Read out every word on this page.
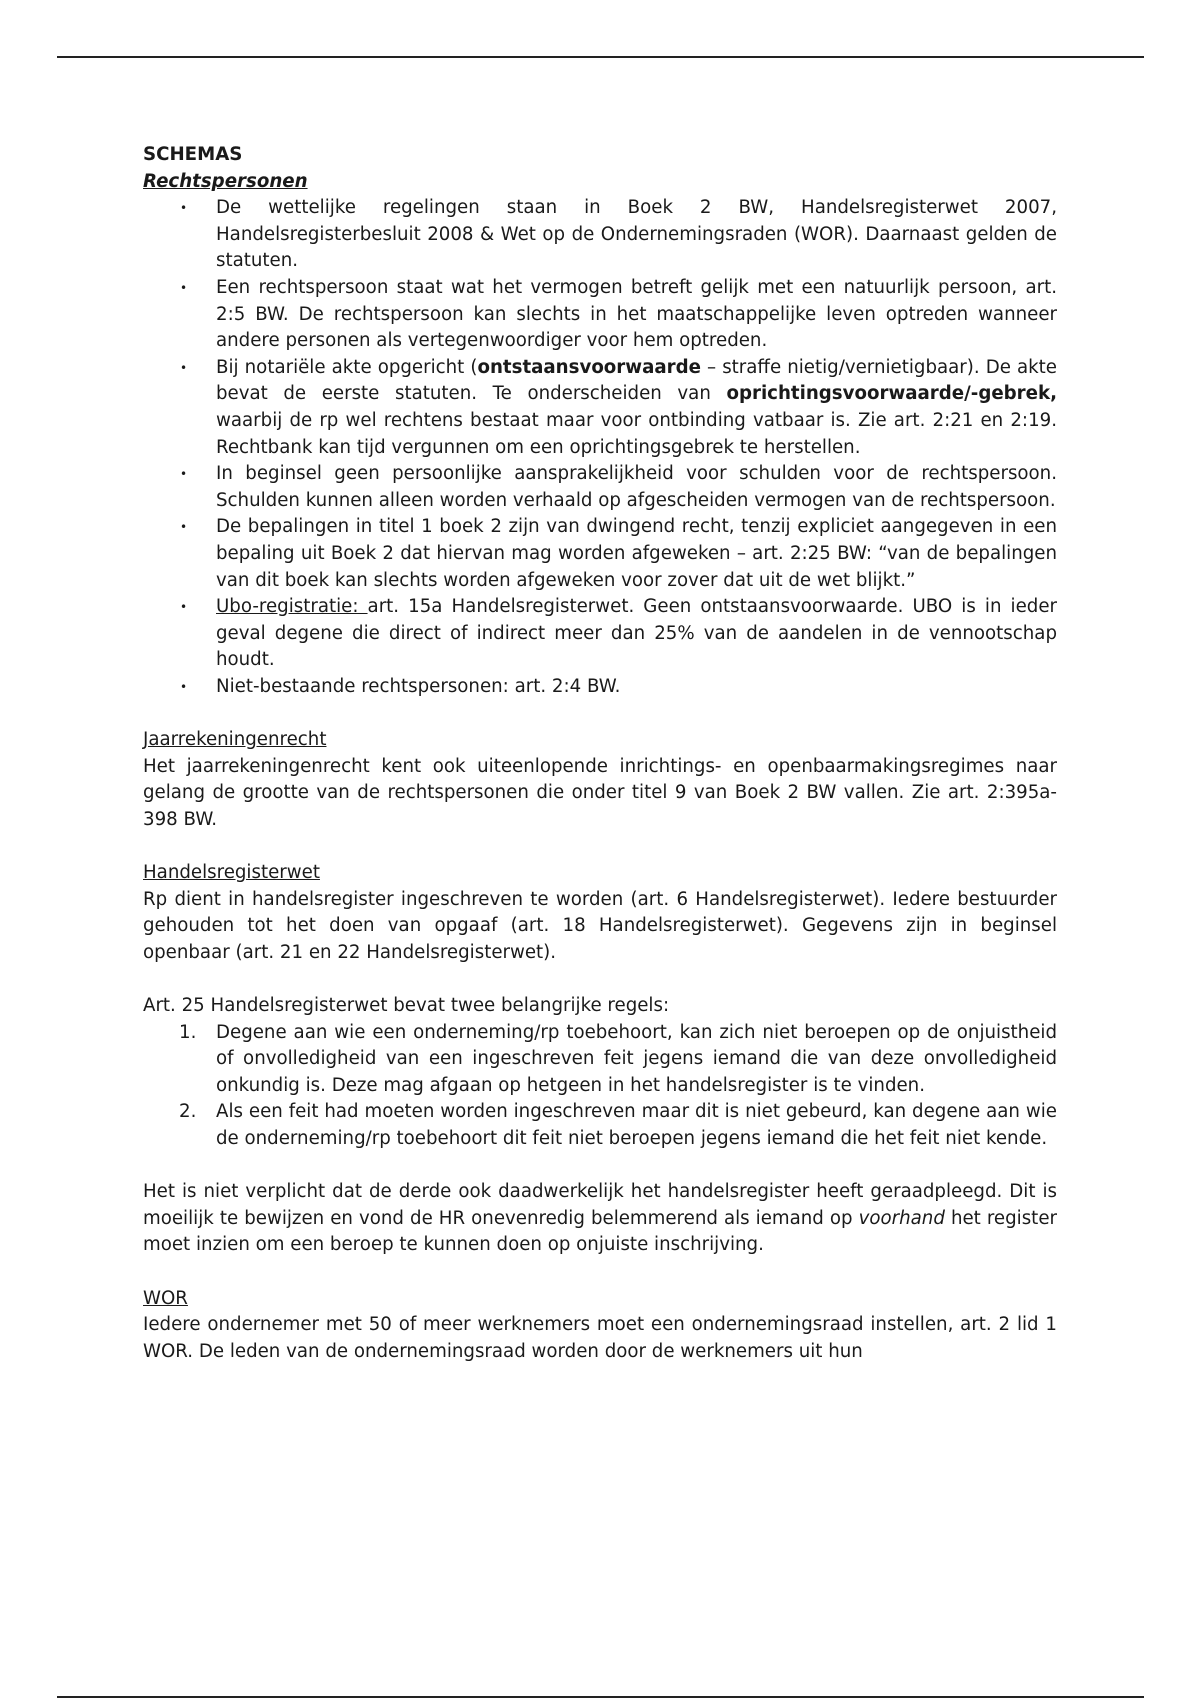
SCHEMAS

Rechtspersonen

• De wettelijke regelingen staan in Boek 2 BW, Handelsregisterwet 2007, Handelsregisterbesluit 2008 & Wet op de Ondernemingsraden (WOR). Daarnaast gelden de statuten.
• Een rechtspersoon staat wat het vermogen betreft gelijk met een natuurlijk persoon, art. 2:5 BW. De rechtspersoon kan slechts in het maatschappelijke leven optreden wanneer andere personen als vertegenwoordiger voor hem optreden.
• Bij notariële akte opgericht (ontstaansvoorwaarde – straffe nietig/vernietigbaar). De akte bevat de eerste statuten. Te onderscheiden van oprichtingsvoorwaarde/-gebrek, waarbij de rp wel rechtens bestaat maar voor ontbinding vatbaar is. Zie art. 2:21 en 2:19. Rechtbank kan tijd vergunnen om een oprichtingsgebrek te herstellen.
• In beginsel geen persoonlijke aansprakelijkheid voor schulden voor de rechtspersoon. Schulden kunnen alleen worden verhaald op afgescheiden vermogen van de rechtspersoon.
• De bepalingen in titel 1 boek 2 zijn van dwingend recht, tenzij expliciet aangegeven in een bepaling uit Boek 2 dat hiervan mag worden afgeweken – art. 2:25 BW: “van de bepalingen van dit boek kan slechts worden afgeweken voor zover dat uit de wet blijkt.”
• Ubo-registratie: art. 15a Handelsregisterwet. Geen ontstaansvoorwaarde. UBO is in ieder geval degene die direct of indirect meer dan 25% van de aandelen in de vennootschap houdt.
• Niet-bestaande rechtspersonen: art. 2:4 BW.

Jaarrekeningenrecht

Het jaarrekeningenrecht kent ook uiteenlopende inrichtings- en openbaarmakingsregimes naar gelang de grootte van de rechtspersonen die onder titel 9 van Boek 2 BW vallen. Zie art. 2:395a-398 BW.

Handelsregisterwet

Rp dient in handelsregister ingeschreven te worden (art. 6 Handelsregisterwet). Iedere bestuurder gehouden tot het doen van opgaaf (art. 18 Handelsregisterwet). Gegevens zijn in beginsel openbaar (art. 21 en 22 Handelsregisterwet).

Art. 25 Handelsregisterwet bevat twee belangrijke regels:

1. Degene aan wie een onderneming/rp toebehoort, kan zich niet beroepen op de onjuistheid of onvolledigheid van een ingeschreven feit jegens iemand die van deze onvolledigheid onkundig is. Deze mag afgaan op hetgeen in het handelsregister is te vinden.
2. Als een feit had moeten worden ingeschreven maar dit is niet gebeurd, kan degene aan wie de onderneming/rp toebehoort dit feit niet beroepen jegens iemand die het feit niet kende.

Het is niet verplicht dat de derde ook daadwerkelijk het handelsregister heeft geraadpleegd. Dit is moeilijk te bewijzen en vond de HR onevenredig belemmerend als iemand op voorhand het register moet inzien om een beroep te kunnen doen op onjuiste inschrijving.

WOR

Iedere ondernemer met 50 of meer werknemers moet een ondernemingsraad instellen, art. 2 lid 1 WOR. De leden van de ondernemingsraad worden door de werknemers uit hun
